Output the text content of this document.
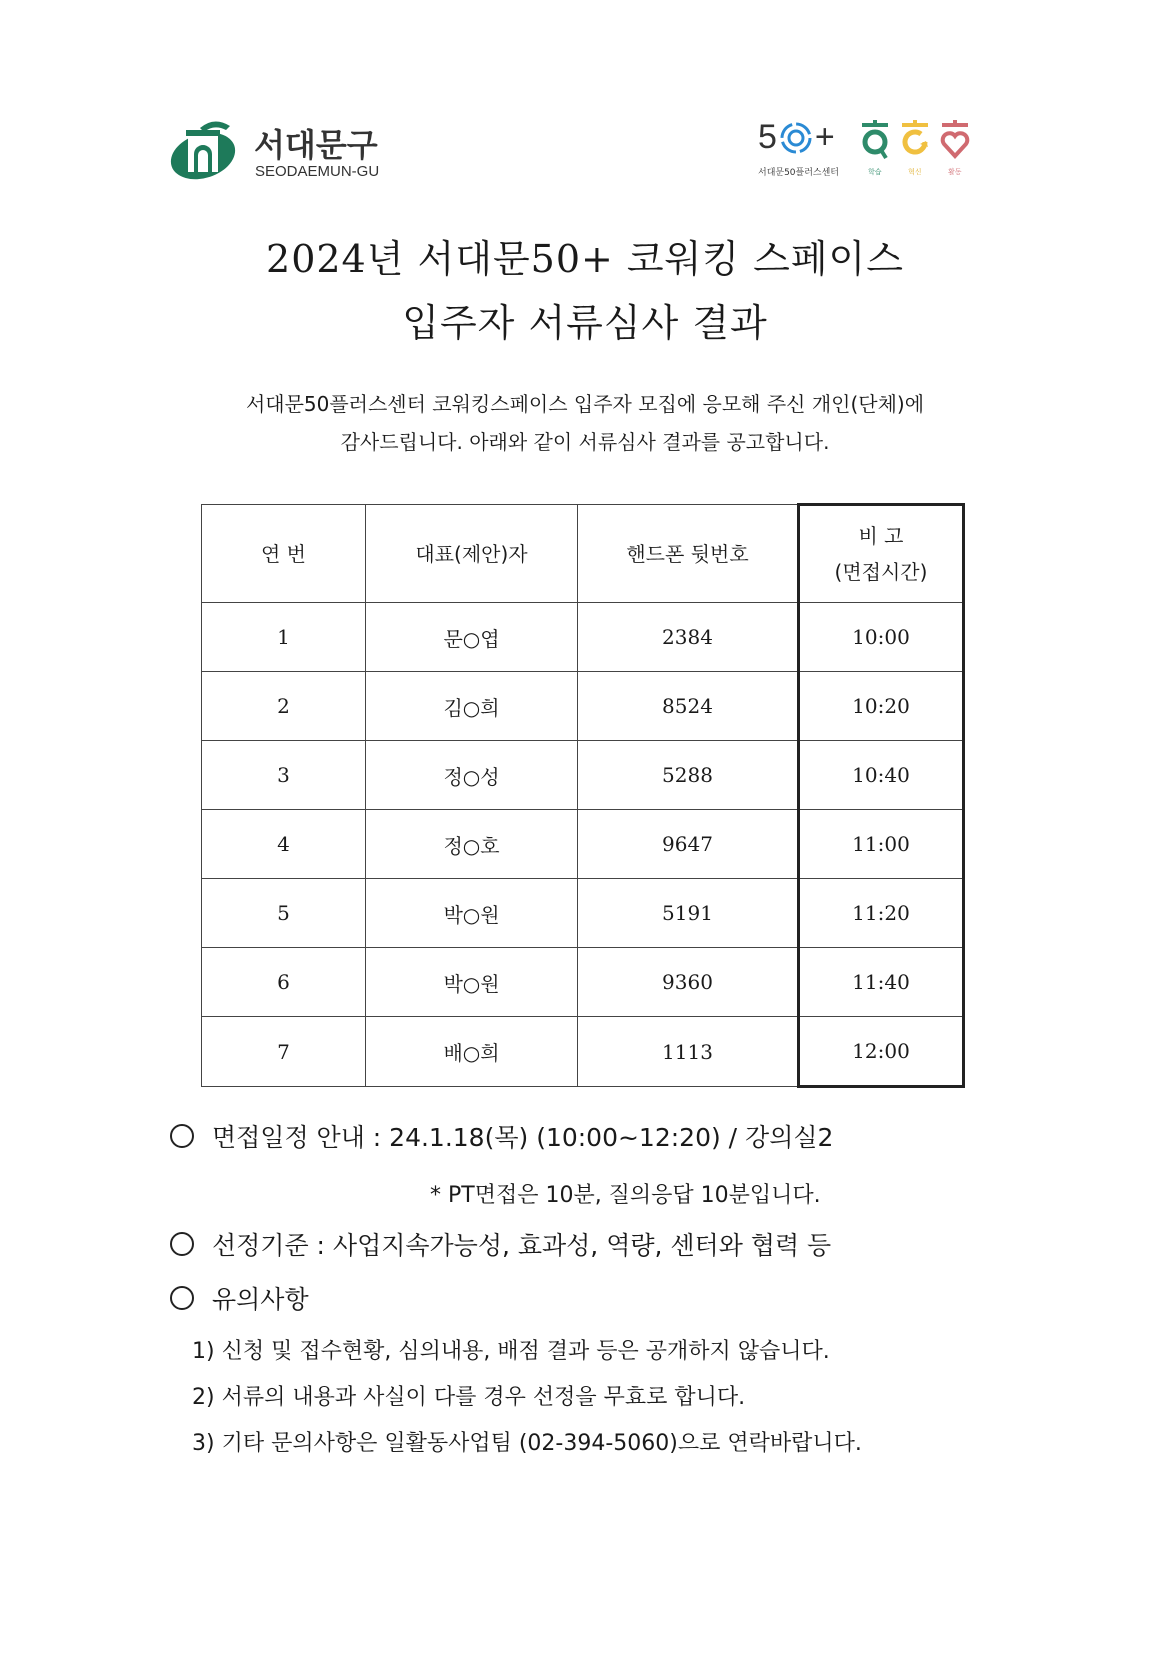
서대문구
SEODAEMUN-GU
5 +
서대문50플러스센터	학습	혁신	활동
2024년 서대문50+ 코워킹 스페이스
입주자 서류심사 결과
서대문50플러스센터 코워킹스페이스 입주자 모집에 응모해 주신 개인(단체)에
감사드립니다. 아래와 같이 서류심사 결과를 공고합니다.
연 번	대표(제안)자	핸드폰 뒷번호	비 고
(면접시간)

1	문○엽	2384	10:00
2	김○희	8524	10:20
3	정○성	5288	10:40
4	정○호	9647	11:00
5	박○원	5191	11:20
6	박○원	9360	11:40
7	배○희	1113	12:00
면접일정 안내 : 24.1.18(목) (10:00~12:20) / 강의실2
* PT면접은 10분, 질의응답 10분입니다.
선정기준 : 사업지속가능성, 효과성, 역량, 센터와 협력 등
유의사항
1) 신청 및 접수현황, 심의내용, 배점 결과 등은 공개하지 않습니다.
2) 서류의 내용과 사실이 다를 경우 선정을 무효로 합니다.
3) 기타 문의사항은 일활동사업팀 (02-394-5060)으로 연락바랍니다.
